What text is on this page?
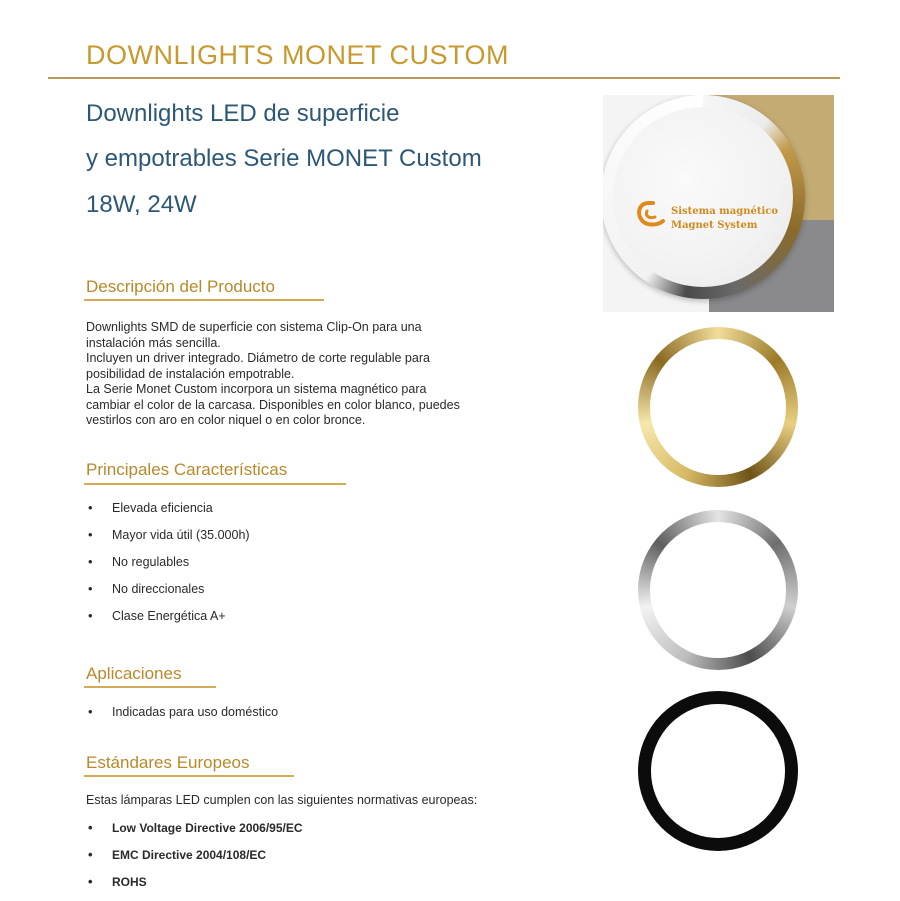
DOWNLIGHTS MONET CUSTOM
Downlights LED de superficie
y empotrables Serie MONET Custom
18W, 24W
Descripción del Producto

Downlights SMD de superficie con sistema Clip-On para una

instalación más sencilla.

Incluyen un driver integrado. Diámetro de corte regulable para

posibilidad de instalación empotrable.

La Serie Monet Custom incorpora un sistema magnético para

cambiar el color de la carcasa. Disponibles en color blanco, puedes

vestirlos con aro en color niquel o en color bronce.

Principales Características
• Elevada eficiencia
• Mayor vida útil (35.000h)
• No regulables
• No direccionales
• Clase Energética A+
Aplicaciones
• Indicadas para uso doméstico
Estándares Europeos
Estas lámparas LED cumplen con las siguientes normativas europeas:
• Low Voltage Directive 2006/95/EC
• EMC Directive 2004/108/EC
• ROHS
Sistema magnético
Magnet System
